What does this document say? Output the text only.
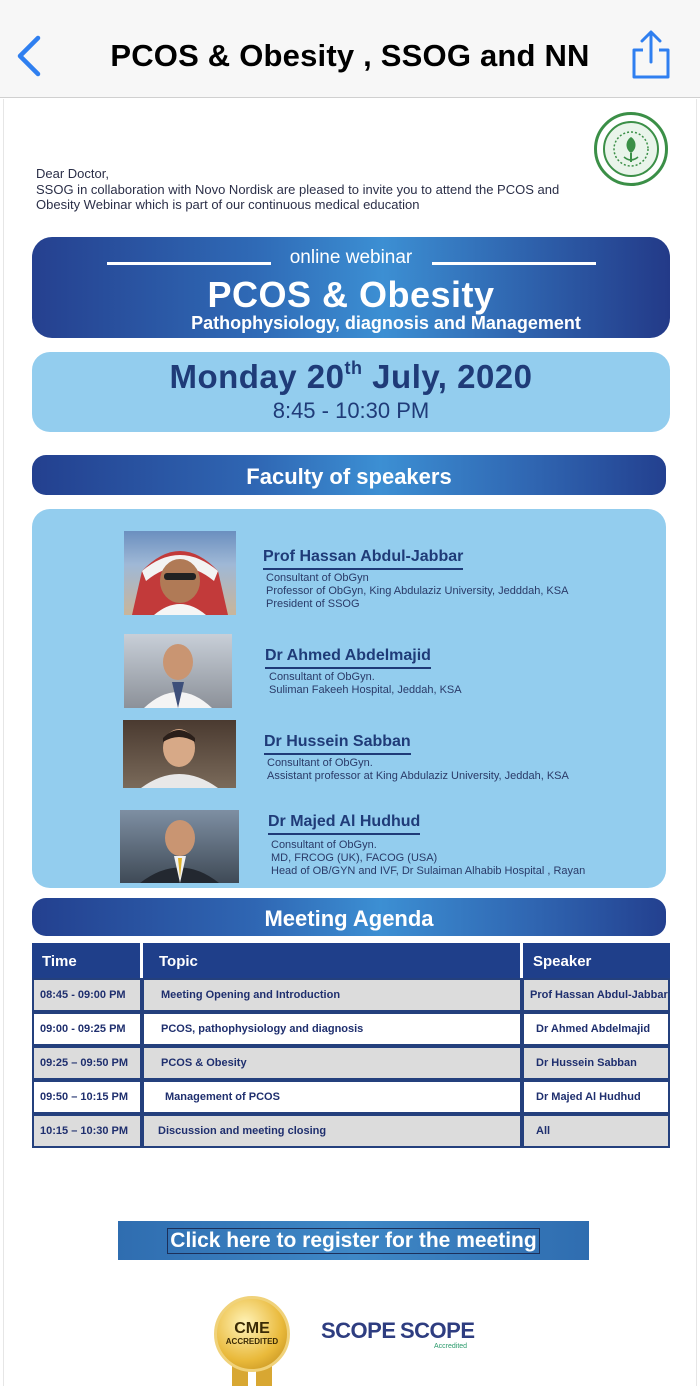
PCOS & Obesity , SSOG and NN
Dear Doctor,
SSOG in collaboration with Novo Nordisk are pleased to invite you to attend the PCOS and
Obesity Webinar which is part of our continuous medical education
online webinar
PCOS & Obesity
Pathophysiology, diagnosis and Management
Monday 20th July, 2020
8:45 - 10:30 PM
Faculty of speakers
Prof Hassan Abdul-Jabbar
Consultant of ObGyn
Professor of ObGyn, King Abdulaziz University, Jedddah, KSA
President of SSOG
Dr Ahmed Abdelmajid
Consultant of ObGyn.
Suliman Fakeeh Hospital, Jeddah, KSA
Dr Hussein Sabban
Consultant of ObGyn.
Assistant professor at King Abdulaziz University, Jeddah, KSA
Dr Majed Al Hudhud
Consultant of ObGyn.
MD, FRCOG (UK), FACOG (USA)
Head of OB/GYN and IVF, Dr Sulaiman Alhabib Hospital , Rayan
Meeting Agenda
Time	Topic	Speaker
08:45 - 09:00 PM	Meeting Opening and Introduction	Prof Hassan Abdul-Jabbar
09:00 - 09:25 PM	PCOS, pathophysiology and diagnosis	Dr Ahmed Abdelmajid
09:25 – 09:50 PM	PCOS & Obesity	Dr Hussein Sabban
09:50 – 10:15 PM	Management of PCOS	Dr Majed Al Hudhud
10:15 – 10:30 PM	Discussion and meeting closing	All
Click here to register for the meeting
CME
ACCREDITED SCOPE SCOPE
Accredited
